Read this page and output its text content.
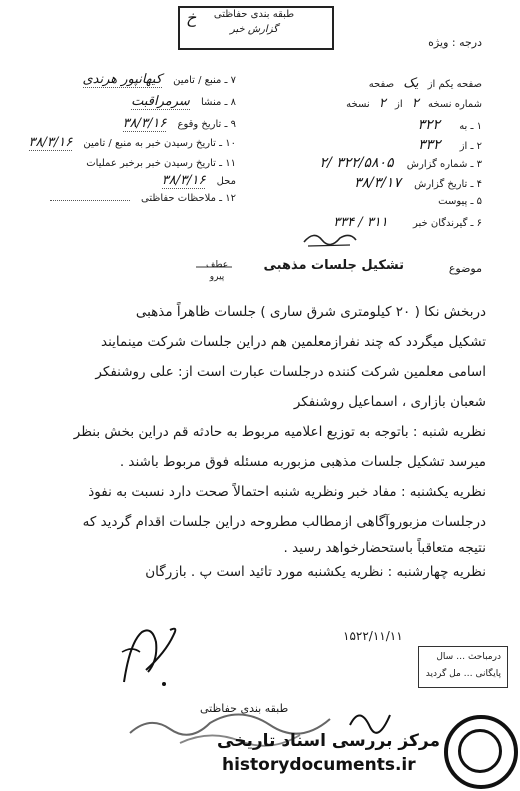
طبقه بندی حفاظتی
گزارش خبر
خ
درجه : ویژه
۷ ـ منبع / تامین کیهانپور هرندی
۸ ـ منشا سرمراقبت
۹ ـ تاریخ وقوع ۳۸/۳/۱۶
۱۰ ـ تاریخ رسیدن خبر به منبع / تامین ۳۸/۳/۱۶
۱۱ ـ تاریخ رسیدن خبر برخبر عملیات
محل ۳۸/۳/۱۶
۱۲ ـ ملاحظات حفاظتی
صفحه یکم از یک صفحه
شماره نسخه ۲ از ۲ نسخه
۱ ـ به ۳۲۲
۲ ـ از ۳۳۲
۳ ـ شماره گزارش ۳۲۲/۵۸۰۵ /۲
۴ ـ تاریخ گزارش ۳۸/۳/۱۷
۵ ـ پیوست
۶ ـ گیرندگان خبر ۳۱۱ / ۳۳۴
موضوع
تشکیل جلسات مذهبی
عطف
پیرو
دربخش نکا ( ۲۰ کیلومتری شرق ساری ) جلسات ظاهراً مذهبی
تشکیل میگردد که چند نفرازمعلمین هم دراین جلسات شرکت مینمایند
اسامی معلمین شرکت کننده درجلسات عبارت است از: علی روشنفکر
شعبان بازاری ، اسماعیل روشنفکر
نظریه شنبه : باتوجه به توزیع اعلامیه مربوط به حادثه قم دراین بخش بنظر
میرسد تشکیل جلسات مذهبی مزبوربه مسئله فوق مربوط باشند .
نظریه یکشنبه : مفاد خبر ونظریه شنبه احتمالاً صحت دارد نسبت به نفوذ
درجلسات مزبوروآگاهی ازمطالب مطروحه دراین جلسات اقدام گردید که
نتیجه متعاقباً باستحضارخواهد رسید .
نظریه چهارشنبه : نظریه یکشنبه مورد تائید است پ . بازرگان
۱۵۲۲/۱۱/۱۱
درمباحث … سال
پایگانی … مل گردید
طبقه بندی حفاظتی
مرکز بررسی اسناد تاریخی
historydocuments.ir
